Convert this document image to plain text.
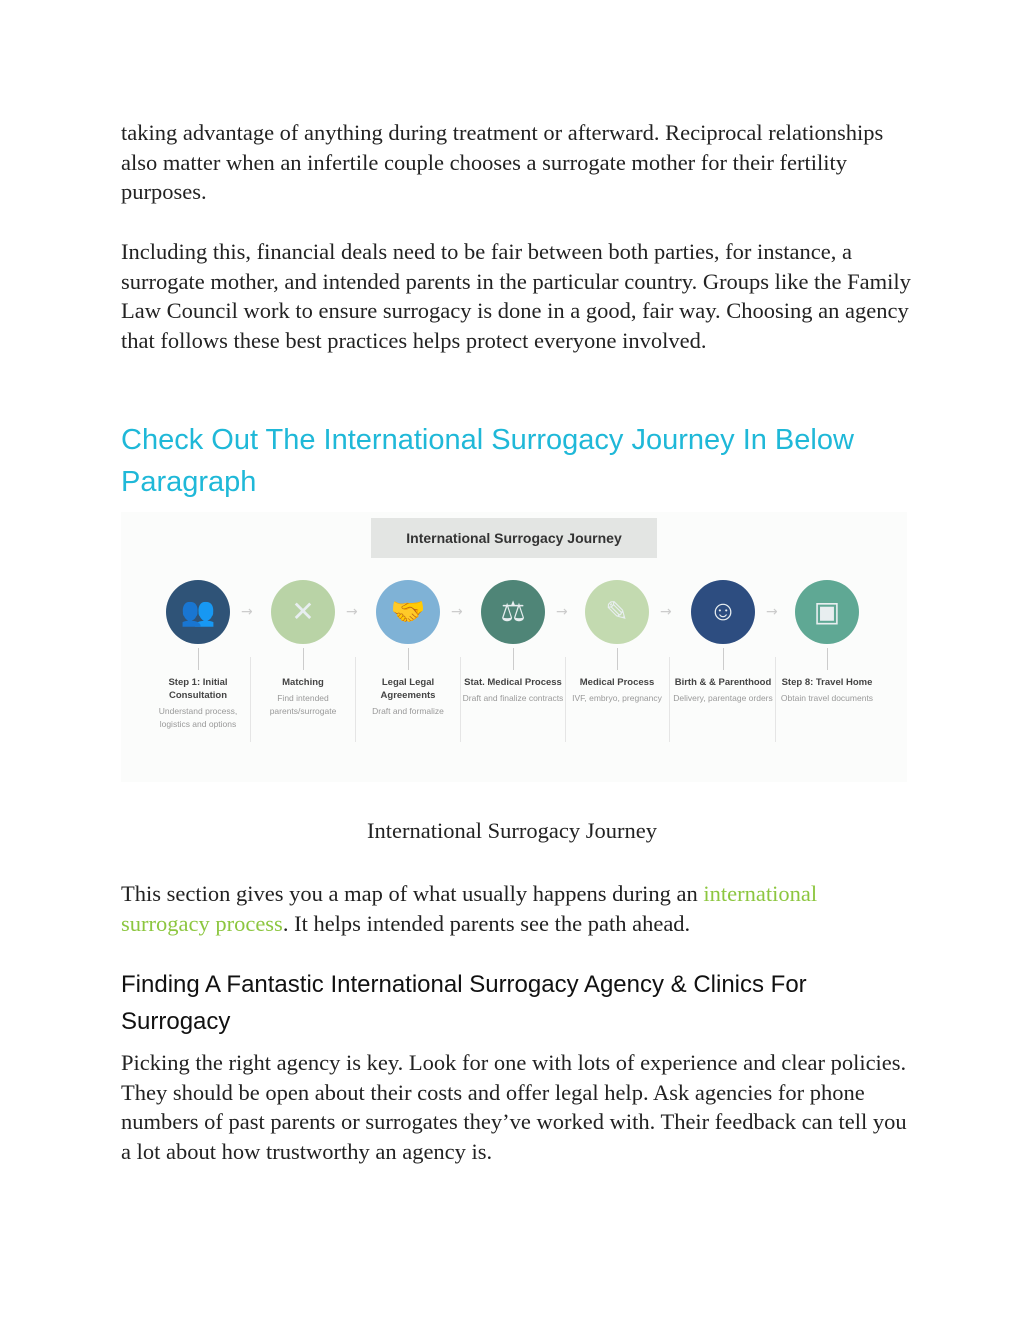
taking advantage of anything during treatment or afterward. Reciprocal relationships also matter when an infertile couple chooses a surrogate mother for their fertility purposes.

Including this, financial deals need to be fair between both parties, for instance, a surrogate mother, and intended parents in the particular country. Groups like the Family Law Council work to ensure surrogacy is done in a good, fair way. Choosing an agency that follows these best practices helps protect everyone involved.

Check Out The International Surrogacy Journey In Below Paragraph
International Surrogacy Journey
👥
Step 1: Initial Consultation
Understand process, logistics and options
→	✕
Matching
Find intended parents/surrogate
→	🤝
Legal Legal Agreements
Draft and formalize
→	⚖
Stat. Medical Process
Draft and finalize contracts
→	✎
Medical Process
IVF, embryo, pregnancy
→	☺
Birth & & Parenthood
Delivery, parentage orders
→	▣
Step 8: Travel Home
Obtain travel documents
International Surrogacy Journey

This section gives you a map of what usually happens during an international surrogacy process. It helps intended parents see the path ahead.

Finding A Fantastic International Surrogacy Agency & Clinics For Surrogacy

Picking the right agency is key. Look for one with lots of experience and clear policies. They should be open about their costs and offer legal help. Ask agencies for phone numbers of past parents or surrogates they’ve worked with. Their feedback can tell you a lot about how trustworthy an agency is.
